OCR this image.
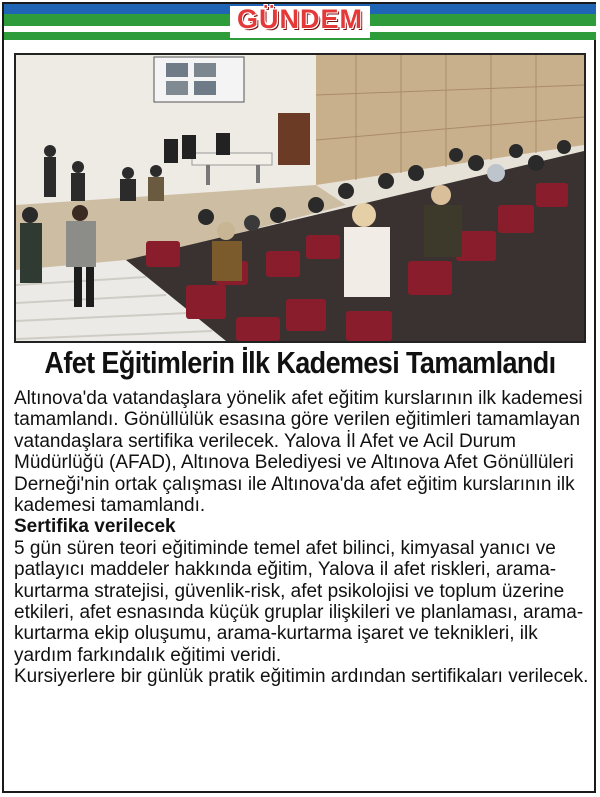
GÜNDEM
Afet Eğitimlerin İlk Kademesi Tamamlandı

Altınova'da vatandaşlara yönelik afet eğitim kurslarının ilk kademesi tamamlandı. Gönüllülük esasına göre verilen eğitimleri tamamlayan vatandaşlara sertifika verilecek. Yalova İl Afet ve Acil Durum Müdürlüğü (AFAD), Altınova Belediyesi ve Altınova Afet Gönüllüleri Derneği'nin ortak çalışması ile Altınova'da afet eğitim kurslarının ilk kademesi tamamlandı.

Sertifika verilecek

5 gün süren teori eğitiminde temel afet bilinci, kimyasal yanıcı ve patlayıcı maddeler hakkında eğitim, Yalova il afet riskleri, arama-kurtarma stratejisi, güvenlik-risk, afet psikolojisi ve toplum üzerine etkileri, afet esnasında küçük gruplar ilişkileri ve planlaması, arama-kurtarma ekip oluşumu, arama-kurtarma işaret ve teknikleri, ilk yardım farkındalık eğitimi veridi.

Kursiyerlere bir günlük pratik eğitimin ardından sertifikaları verilecek.
